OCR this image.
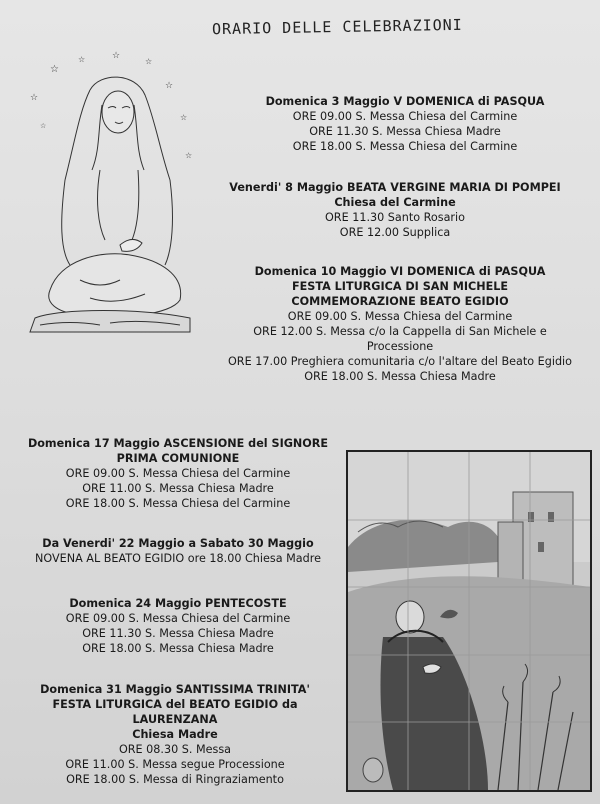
ORARIO DELLE CELEBRAZIONI
☆
☆	☆
☆
☆
☆
☆
☆
☆
Domenica 3 Maggio V DOMENICA di PASQUA
ORE 09.00 S. Messa Chiesa del Carmine
ORE 11.30 S. Messa Chiesa Madre
ORE 18.00 S. Messa Chiesa del Carmine
Venerdi' 8 Maggio BEATA VERGINE MARIA DI POMPEI
Chiesa del Carmine
ORE 11.30 Santo Rosario
ORE 12.00 Supplica
Domenica 10 Maggio VI DOMENICA di PASQUA
FESTA LITURGICA DI SAN MICHELE
COMMEMORAZIONE BEATO EGIDIO
ORE 09.00 S. Messa Chiesa del Carmine
ORE 12.00 S. Messa c/o la Cappella di San Michele e
Processione
ORE 17.00 Preghiera comunitaria c/o l'altare del Beato Egidio
ORE 18.00 S. Messa Chiesa Madre
Domenica 17 Maggio ASCENSIONE del SIGNORE
PRIMA COMUNIONE
ORE 09.00 S. Messa Chiesa del Carmine
ORE 11.00 S. Messa Chiesa Madre
ORE 18.00 S. Messa Chiesa del Carmine
Da Venerdi' 22 Maggio a Sabato 30 Maggio
NOVENA AL BEATO EGIDIO ore 18.00 Chiesa Madre
Domenica 24 Maggio PENTECOSTE
ORE 09.00 S. Messa Chiesa del Carmine
ORE 11.30 S. Messa Chiesa Madre
ORE 18.00 S. Messa Chiesa Madre
Domenica 31 Maggio SANTISSIMA TRINITA'
FESTA LITURGICA del BEATO EGIDIO da LAURENZANA
Chiesa Madre
ORE 08.30 S. Messa
ORE 11.00 S. Messa segue Processione
ORE 18.00 S. Messa di Ringraziamento
